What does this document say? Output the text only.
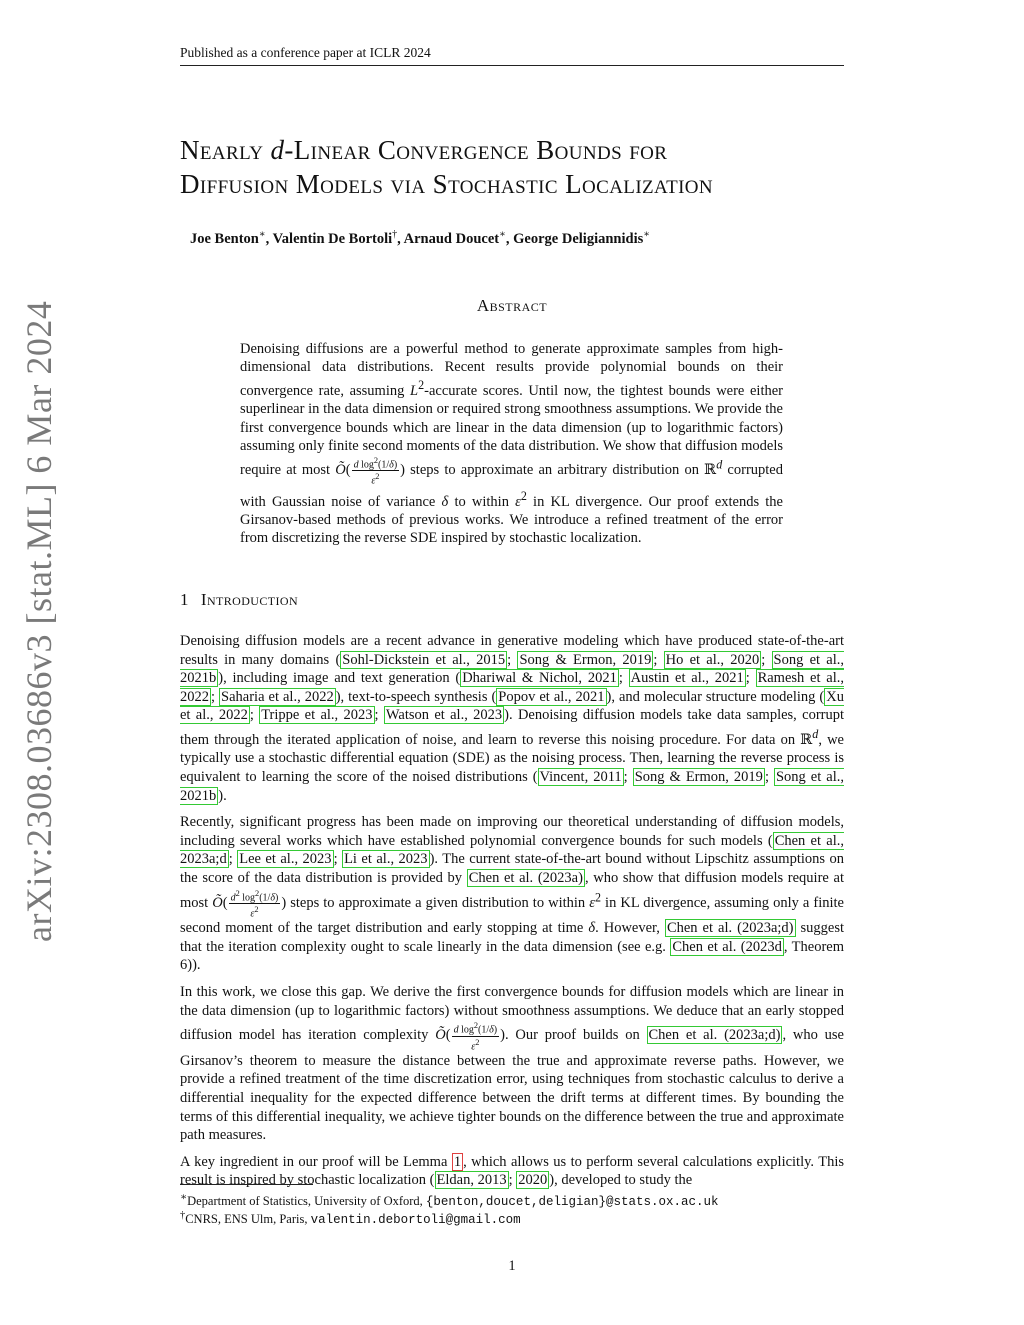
Published as a conference paper at ICLR 2024
arXiv:2308.03686v3 [stat.ML] 6 Mar 2024
Nearly d-Linear Convergence Bounds for
Diffusion Models via Stochastic Localization
Joe Benton∗, Valentin De Bortoli†, Arnaud Doucet∗, George Deligiannidis∗
Abstract
Denoising diffusions are a powerful method to generate approximate samples from high-dimensional data distributions. Recent results provide polynomial bounds on their convergence rate, assuming $L^2$-accurate scores. Until now, the tightest bounds were either superlinear in the data dimension or required strong smoothness assumptions. We provide the first convergence bounds which are linear in the data dimension (up to logarithmic factors) assuming only finite second moments of the data distribution. We show that diffusion models require at most Õ( $\frac{d \log^2(1/\delta)}{\varepsilon^2}$ ) steps to approximate an arbitrary distribution on ℝ$^d$ corrupted with Gaussian noise of variance δ to within $\varepsilon^2$ in KL divergence. Our proof extends the Girsanov-based methods of previous works. We introduce a refined treatment of the error from discretizing the reverse SDE inspired by stochastic localization.
1 Introduction

Denoising diffusion models are a recent advance in generative modeling which have produced state-of-the-art results in many domains ( Sohl-Dickstein et al., 2015 ; Song & Ermon, 2019 ; Ho et al., 2020 ; Song et al., 2021b ), including image and text generation ( Dhariwal & Nichol, 2021 ; Austin et al., 2021 ; Ramesh et al., 2022 ; Saharia et al., 2022 ), text-to-speech synthesis ( Popov et al., 2021 ), and molecular structure modeling ( Xu et al., 2022 ; Trippe et al., 2023 ; Watson et al., 2023 ). Denoising diffusion models take data samples, corrupt them through the iterated application of noise, and learn to reverse this noising procedure. For data on ℝ$^d$, we typically use a stochastic differential equation (SDE) as the noising process. Then, learning the reverse process is equivalent to learning the score of the noised distributions ( Vincent, 2011 ; Song & Ermon, 2019 ; Song et al., 2021b ).

Recently, significant progress has been made on improving our theoretical understanding of diffusion models, including several works which have established polynomial convergence bounds for such models ( Chen et al., 2023a;d ; Lee et al., 2023 ; Li et al., 2023 ). The current state-of-the-art bound without Lipschitz assumptions on the score of the data distribution is provided by Chen et al. (2023a) , who show that diffusion models require at most Õ( $\frac{d^2 \log^2(1/\delta)}{\varepsilon^2}$ ) steps to approximate a given distribution to within $\varepsilon^2$ in KL divergence, assuming only a finite second moment of the target distribution and early stopping at time δ. However, Chen et al. (2023a;d) suggest that the iteration complexity ought to scale linearly in the data dimension (see e.g. Chen et al. (2023d , Theorem 6)).

In this work, we close this gap. We derive the first convergence bounds for diffusion models which are linear in the data dimension (up to logarithmic factors) without smoothness assumptions. We deduce that an early stopped diffusion model has iteration complexity Õ( $\frac{d \log^2(1/\delta)}{\varepsilon^2}$ ). Our proof builds on Chen et al. (2023a;d) , who use Girsanov’s theorem to measure the distance between the true and approximate reverse paths. However, we provide a refined treatment of the time discretization error, using techniques from stochastic calculus to derive a differential inequality for the expected difference between the drift terms at different times. By bounding the terms of this differential inequality, we achieve tighter bounds on the difference between the true and approximate path measures.

A key ingredient in our proof will be Lemma 1 , which allows us to perform several calculations explicitly. This result is inspired by stochastic localization ( Eldan, 2013 ; 2020 ), developed to study the

∗Department of Statistics, University of Oxford, {benton,doucet,deligian}@stats.ox.ac.uk
†CNRS, ENS Ulm, Paris, valentin.debortoli@gmail.com
1
